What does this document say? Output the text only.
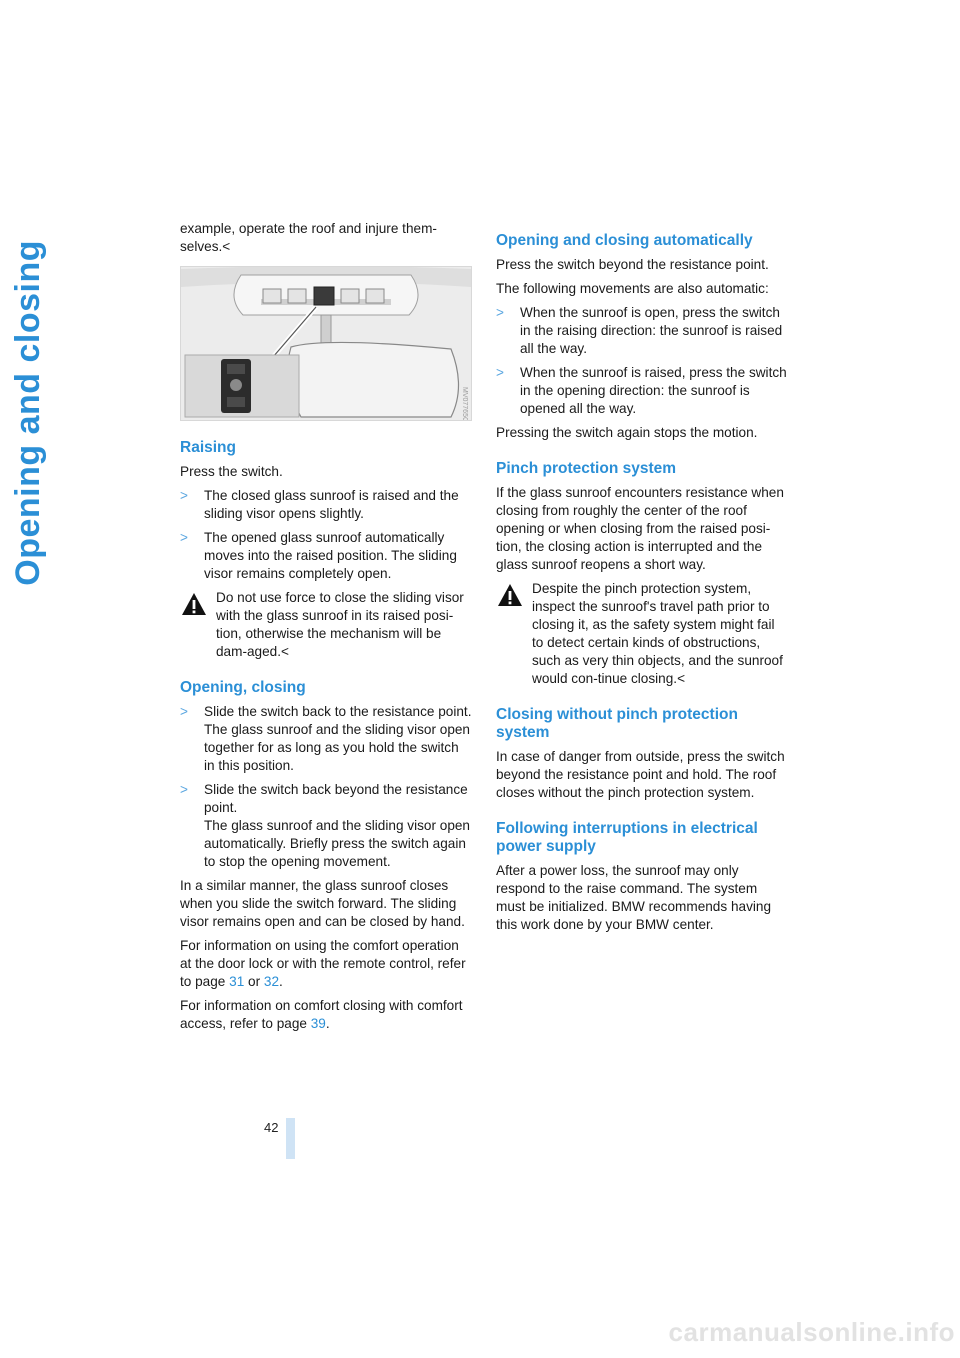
Opening and closing

example, operate the roof and injure them-selves.<

MV07765CMA
Raising

Press the switch.

>	The closed glass sunroof is raised and the sliding visor opens slightly.
>	The opened glass sunroof automatically moves into the raised position. The sliding visor remains completely open.

Do not use force to close the sliding visor with the glass sunroof in its raised posi-tion, otherwise the mechanism will be dam-aged.<

Opening, closing
>	Slide the switch back to the resistance point.
The glass sunroof and the sliding visor open together for as long as you hold the switch in this position.
>	Slide the switch back beyond the resistance point.
The glass sunroof and the sliding visor open automatically. Briefly press the switch again to stop the opening movement.

In a similar manner, the glass sunroof closes when you slide the switch forward. The sliding visor remains open and can be closed by hand.

For information on using the comfort operation at the door lock or with the remote control, refer to page 31 or 32.

For information on comfort closing with comfort access, refer to page 39.

Opening and closing automatically

Press the switch beyond the resistance point.

The following movements are also automatic:

>	When the sunroof is open, press the switch in the raising direction: the sunroof is raised all the way.
>	When the sunroof is raised, press the switch in the opening direction: the sunroof is opened all the way.

Pressing the switch again stops the motion.

Pinch protection system

If the glass sunroof encounters resistance when closing from roughly the center of the roof opening or when closing from the raised posi-tion, the closing action is interrupted and the glass sunroof reopens a short way.

Despite the pinch protection system, inspect the sunroof's travel path prior to closing it, as the safety system might fail to detect certain kinds of obstructions, such as very thin objects, and the sunroof would con-tinue closing.<

Closing without pinch protection system

In case of danger from outside, press the switch beyond the resistance point and hold. The roof closes without the pinch protection system.

Following interruptions in electrical power supply

After a power loss, the sunroof may only respond to the raise command. The system must be initialized. BMW recommends having this work done by your BMW center.

42
carmanualsonline.info
